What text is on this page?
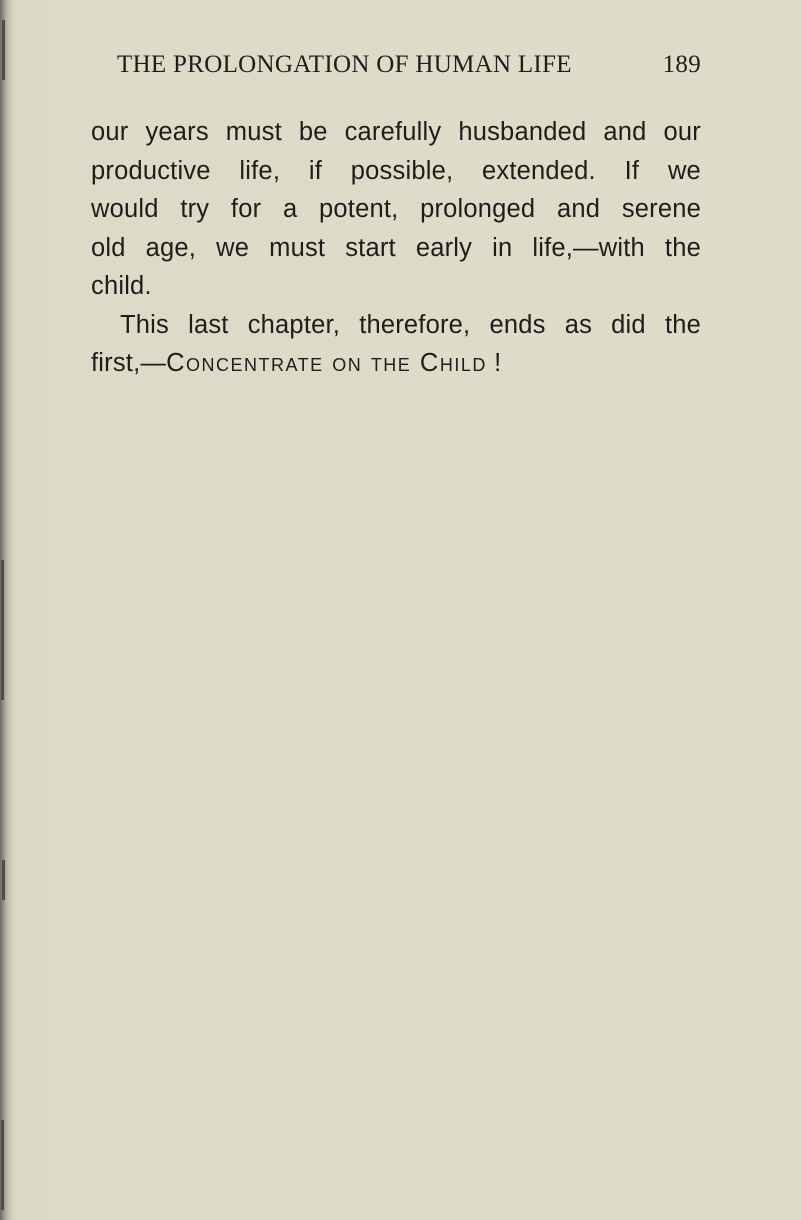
THE PROLONGATION OF HUMAN LIFE	189
our years must be carefully husbanded and our
productive life, if possible, extended. If we
would try for a potent, prolonged and serene
old age, we must start early in life,—with the
child.
This last chapter, therefore, ends as did the
first,— Concentrate on the Child !
